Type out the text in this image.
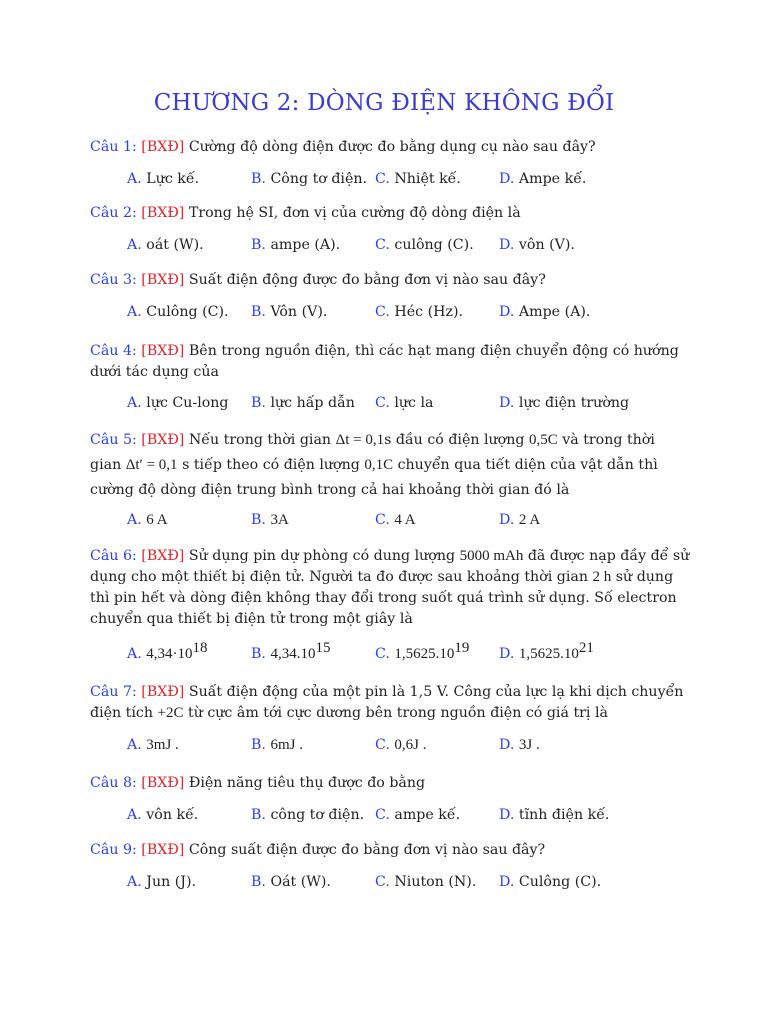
CHƯƠNG 2: DÒNG ĐIỆN KHÔNG ĐỔI

Câu 1: [BXĐ] Cường độ dòng điện được đo bằng dụng cụ nào sau đây?

A. Lực kế.	B. Công tơ điện. C. Nhiệt kế.	D. Ampe kế.

Câu 2: [BXĐ] Trong hệ SI, đơn vị của cường độ dòng điện là

A. oát (W).	B. ampe (A). C. culông (C). D. vôn (V).

Câu 3: [BXĐ] Suất điện động được đo bằng đơn vị nào sau đây?

A. Culông (C). B. Vôn (V).	C. Héc (Hz).	D. Ampe (A).

Câu 4: [BXĐ] Bên trong nguồn điện, thì các hạt mang điện chuyển động có hướng dưới tác dụng của

A. lực Cu-long B. lực hấp dẫn C. lực la	D. lực điện trường

Câu 5: [BXĐ] Nếu trong thời gian Δt = 0,1s đầu có điện lượng 0,5C và trong thời gian Δt′ = 0,1 s tiếp theo có điện lượng 0,1C chuyển qua tiết diện của vật dẫn thì cường độ dòng điện trung bình trong cả hai khoảng thời gian đó là

A. 6 A	B. 3A	C. 4 A	D. 2 A

Câu 6: [BXĐ] Sử dụng pin dự phòng có dung lượng 5000 mAh đã được nạp đầy để sử dụng cho một thiết bị điện tử. Người ta đo được sau khoảng thời gian 2 h sử dụng thì pin hết và dòng điện không thay đổi trong suốt quá trình sử dụng. Số electron chuyển qua thiết bị điện tử trong một giây là

A. $4,34\cdot 10^{18}$	B. 4,34.10$^{15}$	C. 1,5625.10$^{19}$ D. 1,5625.10$^{21}$

Câu 7: [BXĐ] Suất điện động của một pin là 1,5 V. Công của lực lạ khi dịch chuyển điện tích +2C từ cực âm tới cực dương bên trong nguồn điện có giá trị là

A. 3mJ .	B. 6mJ .	C. 0,6J .	D. 3J .

Câu 8: [BXĐ] Điện năng tiêu thụ được đo bằng

A. vôn kế.	B. công tơ điện. C. ampe kế.	D. tĩnh điện kế.

Câu 9: [BXĐ] Công suất điện được đo bằng đơn vị nào sau đây?

A. Jun (J).	B. Oát (W).	C. Niuton (N). D. Culông (C).
